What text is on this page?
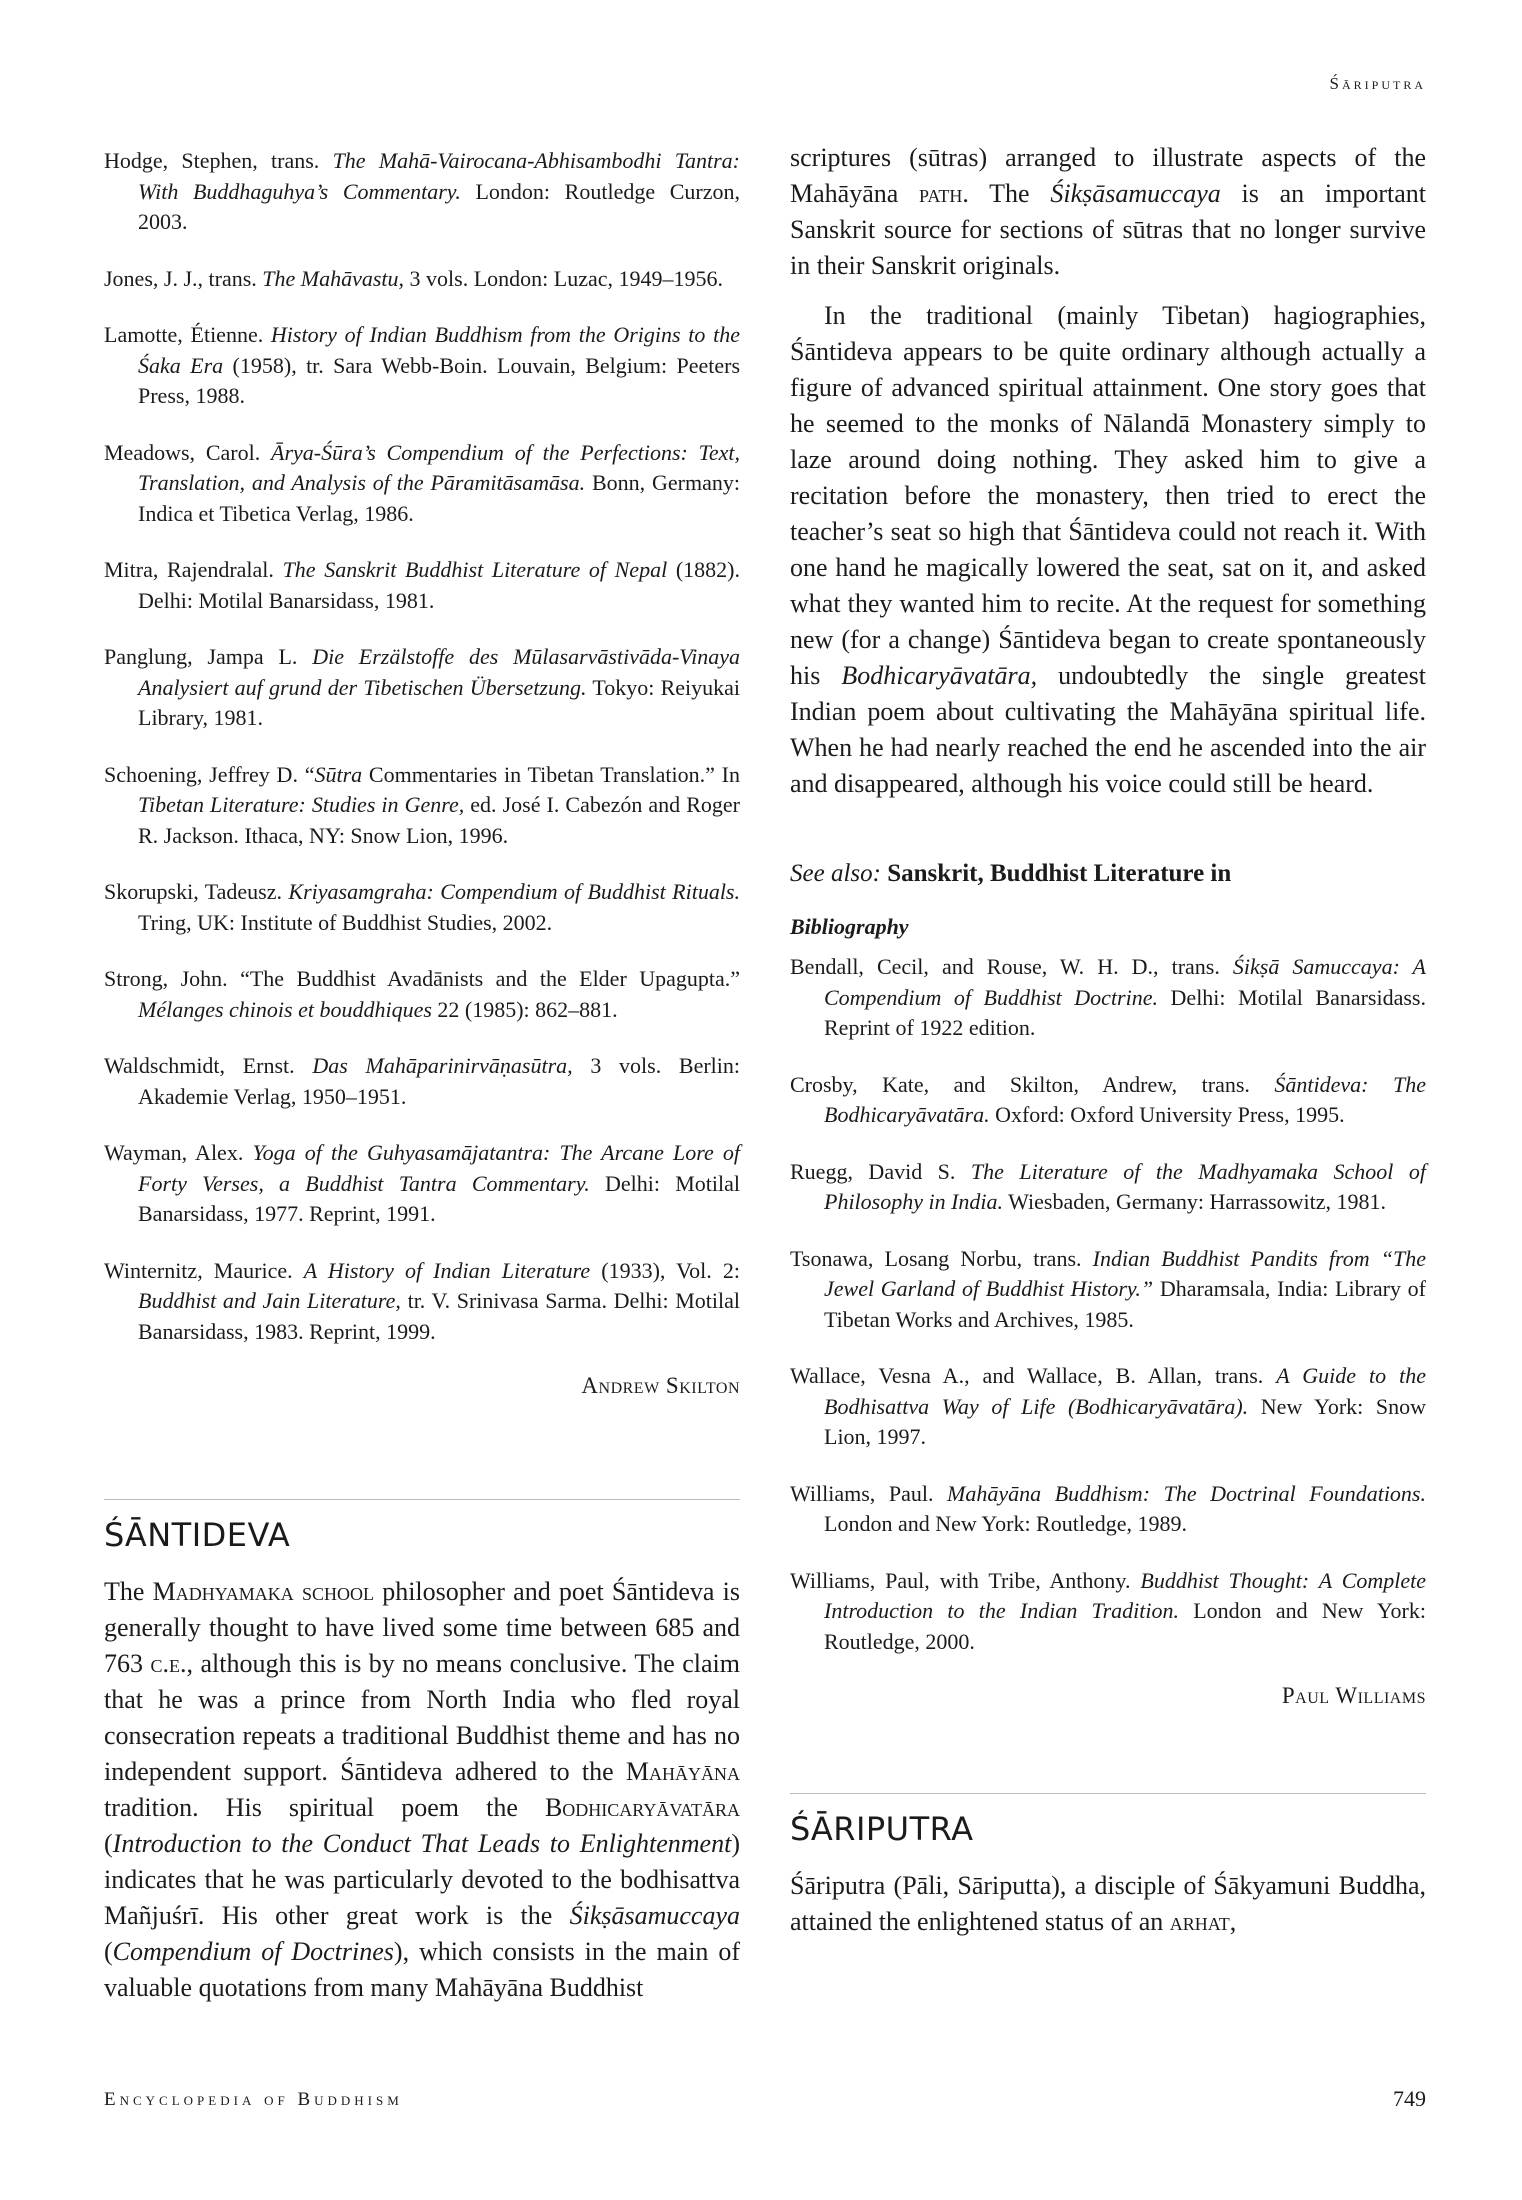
Śāriputra

Hodge, Stephen, trans. The Mahā-Vairocana-Abhisambodhi Tantra: With Buddhaguhya’s Commentary. London: Routledge Curzon, 2003.

Jones, J. J., trans. The Mahāvastu, 3 vols. London: Luzac, 1949–1956.

Lamotte, Étienne. History of Indian Buddhism from the Origins to the Śaka Era (1958), tr. Sara Webb-Boin. Louvain, Belgium: Peeters Press, 1988.

Meadows, Carol. Ārya-Śūra’s Compendium of the Perfections: Text, Translation, and Analysis of the Pāramitāsamāsa. Bonn, Germany: Indica et Tibetica Verlag, 1986.

Mitra, Rajendralal. The Sanskrit Buddhist Literature of Nepal (1882). Delhi: Motilal Banarsidass, 1981.

Panglung, Jampa L. Die Erzälstoffe des Mūlasarvāstivāda-Vinaya Analysiert auf grund der Tibetischen Übersetzung. Tokyo: Reiyukai Library, 1981.

Schoening, Jeffrey D. “Sūtra Commentaries in Tibetan Translation.” In Tibetan Literature: Studies in Genre, ed. José I. Cabezón and Roger R. Jackson. Ithaca, NY: Snow Lion, 1996.

Skorupski, Tadeusz. Kriyasamgraha: Compendium of Buddhist Rituals. Tring, UK: Institute of Buddhist Studies, 2002.

Strong, John. “The Buddhist Avadānists and the Elder Upagupta.” Mélanges chinois et bouddhiques 22 (1985): 862–881.

Waldschmidt, Ernst. Das Mahāparinirvāṇasūtra, 3 vols. Berlin: Akademie Verlag, 1950–1951.

Wayman, Alex. Yoga of the Guhyasamājatantra: The Arcane Lore of Forty Verses, a Buddhist Tantra Commentary. Delhi: Motilal Banarsidass, 1977. Reprint, 1991.

Winternitz, Maurice. A History of Indian Literature (1933), Vol. 2: Buddhist and Jain Literature, tr. V. Srinivasa Sarma. Delhi: Motilal Banarsidass, 1983. Reprint, 1999.

Andrew Skilton

ŚĀNTIDEVA

The Madhyamaka school philosopher and poet Śāntideva is generally thought to have lived some time between 685 and 763 c.e., although this is by no means conclusive. The claim that he was a prince from North India who fled royal consecration repeats a traditional Buddhist theme and has no independent support. Śāntideva adhered to the Mahāyāna tradition. His spiritual poem the Bodhicaryāvatāra (Introduction to the Conduct That Leads to Enlightenment) indicates that he was particularly devoted to the bodhisattva Mañjuśrī. His other great work is the Śikṣāsamuccaya (Compendium of Doctrines), which consists in the main of valuable quotations from many Mahāyāna Buddhist

scriptures (sūtras) arranged to illustrate aspects of the Mahāyāna path. The Śikṣāsamuccaya is an important Sanskrit source for sections of sūtras that no longer survive in their Sanskrit originals.

In the traditional (mainly Tibetan) hagiographies, Śāntideva appears to be quite ordinary although actually a figure of advanced spiritual attainment. One story goes that he seemed to the monks of Nālandā Monastery simply to laze around doing nothing. They asked him to give a recitation before the monastery, then tried to erect the teacher’s seat so high that Śāntideva could not reach it. With one hand he magically lowered the seat, sat on it, and asked what they wanted him to recite. At the request for something new (for a change) Śāntideva began to create spontaneously his Bodhicaryāvatāra, undoubtedly the single greatest Indian poem about cultivating the Mahāyāna spiritual life. When he had nearly reached the end he ascended into the air and disappeared, although his voice could still be heard.

See also: Sanskrit, Buddhist Literature in

Bibliography

Bendall, Cecil, and Rouse, W. H. D., trans. Śikṣā Samuccaya: A Compendium of Buddhist Doctrine. Delhi: Motilal Banarsidass. Reprint of 1922 edition.

Crosby, Kate, and Skilton, Andrew, trans. Śāntideva: The Bodhicaryāvatāra. Oxford: Oxford University Press, 1995.

Ruegg, David S. The Literature of the Madhyamaka School of Philosophy in India. Wiesbaden, Germany: Harrassowitz, 1981.

Tsonawa, Losang Norbu, trans. Indian Buddhist Pandits from “The Jewel Garland of Buddhist History.” Dharamsala, India: Library of Tibetan Works and Archives, 1985.

Wallace, Vesna A., and Wallace, B. Allan, trans. A Guide to the Bodhisattva Way of Life (Bodhicaryāvatāra). New York: Snow Lion, 1997.

Williams, Paul. Mahāyāna Buddhism: The Doctrinal Foundations. London and New York: Routledge, 1989.

Williams, Paul, with Tribe, Anthony. Buddhist Thought: A Complete Introduction to the Indian Tradition. London and New York: Routledge, 2000.

Paul Williams

ŚĀRIPUTRA

Śāriputra (Pāli, Sāriputta), a disciple of Śākyamuni Buddha, attained the enlightened status of an arhat,

Encyclopedia of Buddhism	749
